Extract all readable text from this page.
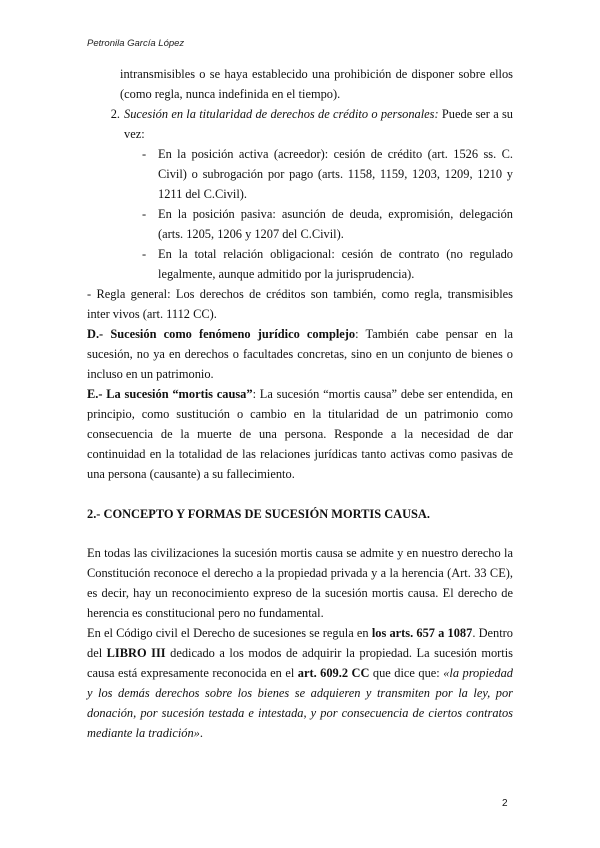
Petronila García López

intransmisibles o se haya establecido una prohibición de disponer sobre ellos (como regla, nunca indefinida en el tiempo).

2. Sucesión en la titularidad de derechos de crédito o personales: Puede ser a su vez:
- En la posición activa (acreedor): cesión de crédito (art. 1526 ss. C. Civil) o subrogación por pago (arts. 1158, 1159, 1203, 1209, 1210 y 1211 del C.Civil).
- En la posición pasiva: asunción de deuda, expromisión, delegación (arts. 1205, 1206 y 1207 del C.Civil).
- En la total relación obligacional: cesión de contrato (no regulado legalmente, aunque admitido por la jurisprudencia).

- Regla general: Los derechos de créditos son también, como regla, transmisibles inter vivos (art. 1112 CC).

D.- Sucesión como fenómeno jurídico complejo: También cabe pensar en la sucesión, no ya en derechos o facultades concretas, sino en un conjunto de bienes o incluso en un patrimonio.

E.- La sucesión “mortis causa”: La sucesión “mortis causa” debe ser entendida, en principio, como sustitución o cambio en la titularidad de un patrimonio como consecuencia de la muerte de una persona. Responde a la necesidad de dar continuidad en la totalidad de las relaciones jurídicas tanto activas como pasivas de una persona (causante) a su fallecimiento.

2.- CONCEPTO Y FORMAS DE SUCESIÓN MORTIS CAUSA.

En todas las civilizaciones la sucesión mortis causa se admite y en nuestro derecho la Constitución reconoce el derecho a la propiedad privada y a la herencia (Art. 33 CE), es decir, hay un reconocimiento expreso de la sucesión mortis causa. El derecho de herencia es constitucional pero no fundamental.

En el Código civil el Derecho de sucesiones se regula en los arts. 657 a 1087. Dentro del LIBRO III dedicado a los modos de adquirir la propiedad. La sucesión mortis causa está expresamente reconocida en el art. 609.2 CC que dice que: «la propiedad y los demás derechos sobre los bienes se adquieren y transmiten por la ley, por donación, por sucesión testada e intestada, y por consecuencia de ciertos contratos mediante la tradición».

2
